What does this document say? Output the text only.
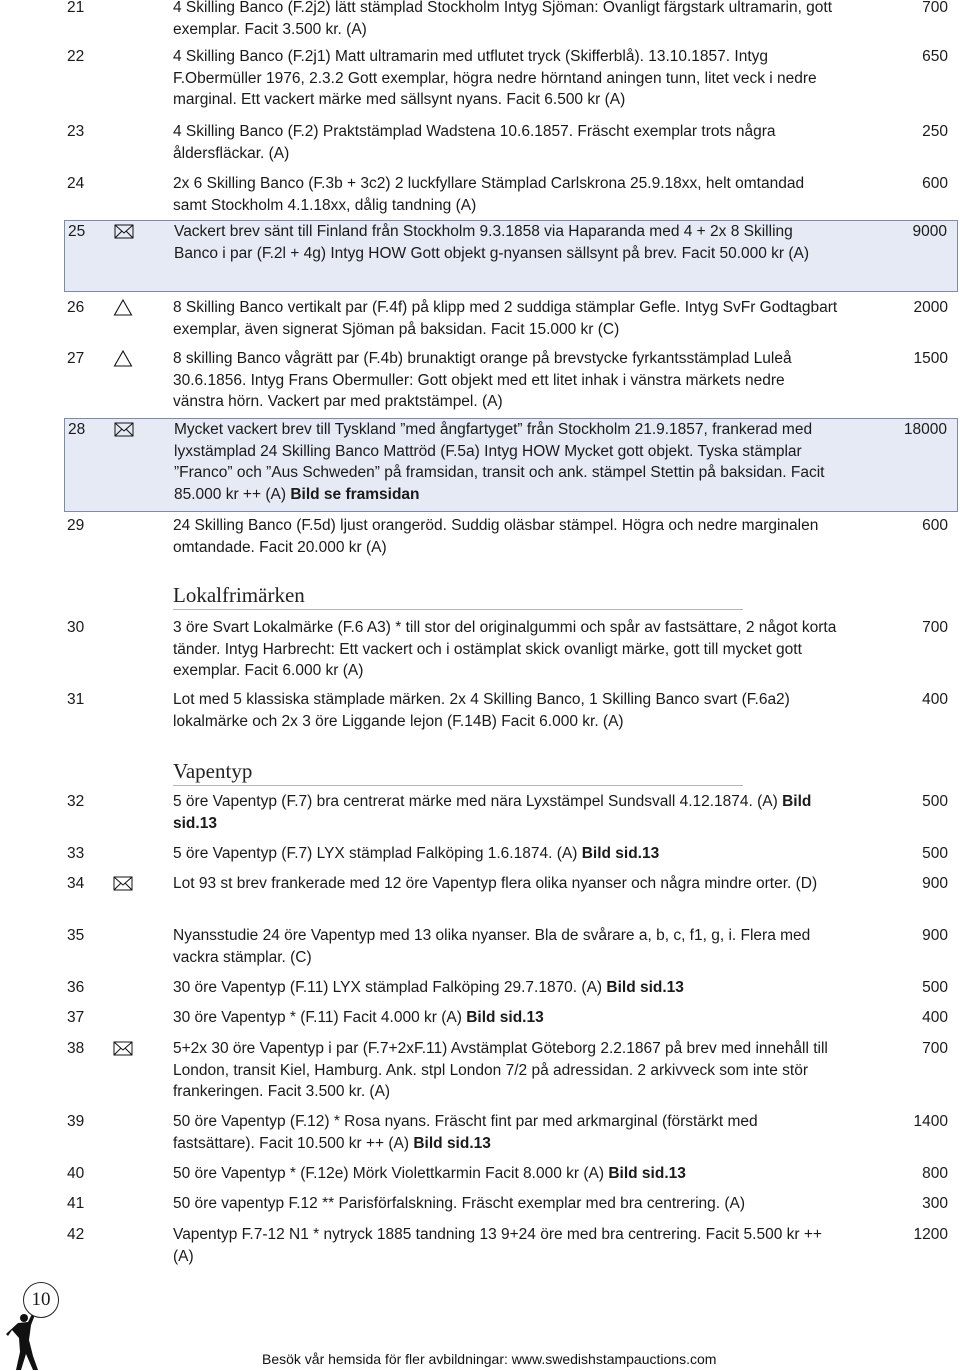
21	4 Skilling Banco (F.2j2) lätt stämplad Stockholm Intyg Sjöman: Ovanligt färgstark ultramarin, gott exemplar. Facit 3.500 kr. (A)
700
22	4 Skilling Banco (F.2j1) Matt ultramarin med utflutet tryck (Skifferblå). 13.10.1857. Intyg F.Obermüller 1976, 2.3.2 Gott exemplar, högra nedre hörntand aningen tunn, litet veck i nedre marginal. Ett vackert märke med sällsynt nyans. Facit 6.500 kr (A)
650
23	4 Skilling Banco (F.2) Praktstämplad Wadstena 10.6.1857. Fräscht exemplar trots några åldersfläckar. (A)
250
24	2x 6 Skilling Banco (F.3b + 3c2) 2 luckfyllare Stämplad Carlskrona 25.9.18xx, helt omtandad samt Stockholm 4.1.18xx, dålig tandning (A)
600
25	Vackert brev sänt till Finland från Stockholm 9.3.1858 via Haparanda med 4 + 2x 8 Skilling Banco i par (F.2l + 4g) Intyg HOW Gott objekt g-nyansen sällsynt på brev. Facit 50.000 kr (A)
9000
26	8 Skilling Banco vertikalt par (F.4f) på klipp med 2 suddiga stämplar Gefle. Intyg SvFr Godtagbart exemplar, även signerat Sjöman på baksidan. Facit 15.000 kr (C)
2000
27	8 skilling Banco vågrätt par (F.4b) brunaktigt orange på brevstycke fyrkantsstämplad Luleå 30.6.1856. Intyg Frans Obermuller: Gott objekt med ett litet inhak i vänstra märkets nedre vänstra hörn. Vackert par med praktstämpel. (A)
1500
28	Mycket vackert brev till Tyskland ”med ångfartyget” från Stockholm 21.9.1857, frankerad med lyxstämplad 24 Skilling Banco Mattröd (F.5a) Intyg HOW Mycket gott objekt. Tyska stämplar ”Franco” och ”Aus Schweden” på framsidan, transit och ank. stämpel Stettin på baksidan. Facit 85.000 kr ++ (A) Bild se framsidan
18000
29	24 Skilling Banco (F.5d) ljust orangeröd. Suddig oläsbar stämpel. Högra och nedre marginalen omtandade. Facit 20.000 kr (A)
600
30	3 öre Svart Lokalmärke (F.6 A3) * till stor del originalgummi och spår av fastsättare, 2 något korta tänder. Intyg Harbrecht: Ett vackert och i ostämplat skick ovanligt märke, gott till mycket gott exemplar. Facit 6.000 kr (A)
700
31	Lot med 5 klassiska stämplade märken. 2x 4 Skilling Banco, 1 Skilling Banco svart (F.6a2) lokalmärke och 2x 3 öre Liggande lejon (F.14B) Facit 6.000 kr. (A)
400
32	5 öre Vapentyp (F.7) bra centrerat märke med nära Lyxstämpel Sundsvall 4.12.1874. (A) Bild sid.13
500
33	5 öre Vapentyp (F.7) LYX stämplad Falköping 1.6.1874. (A) Bild sid.13	500
34	Lot 93 st brev frankerade med 12 öre Vapentyp flera olika nyanser och några mindre orter. (D)	900
35	Nyansstudie 24 öre Vapentyp med 13 olika nyanser. Bla de svårare a, b, c, f1, g, i. Flera med vackra stämplar. (C)
900
36	30 öre Vapentyp (F.11) LYX stämplad Falköping 29.7.1870. (A) Bild sid.13	500
37	30 öre Vapentyp * (F.11) Facit 4.000 kr (A) Bild sid.13	400
38	5+2x 30 öre Vapentyp i par (F.7+2xF.11) Avstämplat Göteborg 2.2.1867 på brev med innehåll till London, transit Kiel, Hamburg. Ank. stpl London 7/2 på adressidan. 2 arkivveck som inte stör frankeringen. Facit 3.500 kr. (A)
700
39	50 öre Vapentyp (F.12) * Rosa nyans. Fräscht fint par med arkmarginal (förstärkt med fastsättare). Facit 10.500 kr ++ (A) Bild sid.13
1400
40	50 öre Vapentyp * (F.12e) Mörk Violettkarmin Facit 8.000 kr (A) Bild sid.13	800
41	50 öre vapentyp F.12 ** Parisförfalskning. Fräscht exemplar med bra centrering. (A)	300
42	Vapentyp F.7-12 N1 * nytryck 1885 tandning 13 9+24 öre med bra centrering. Facit 5.500 kr ++ (A)
1200
Lokalfrimärken
Vapentyp
10
Besök vår hemsida för fler avbildningar: www.swedishstampauctions.com
